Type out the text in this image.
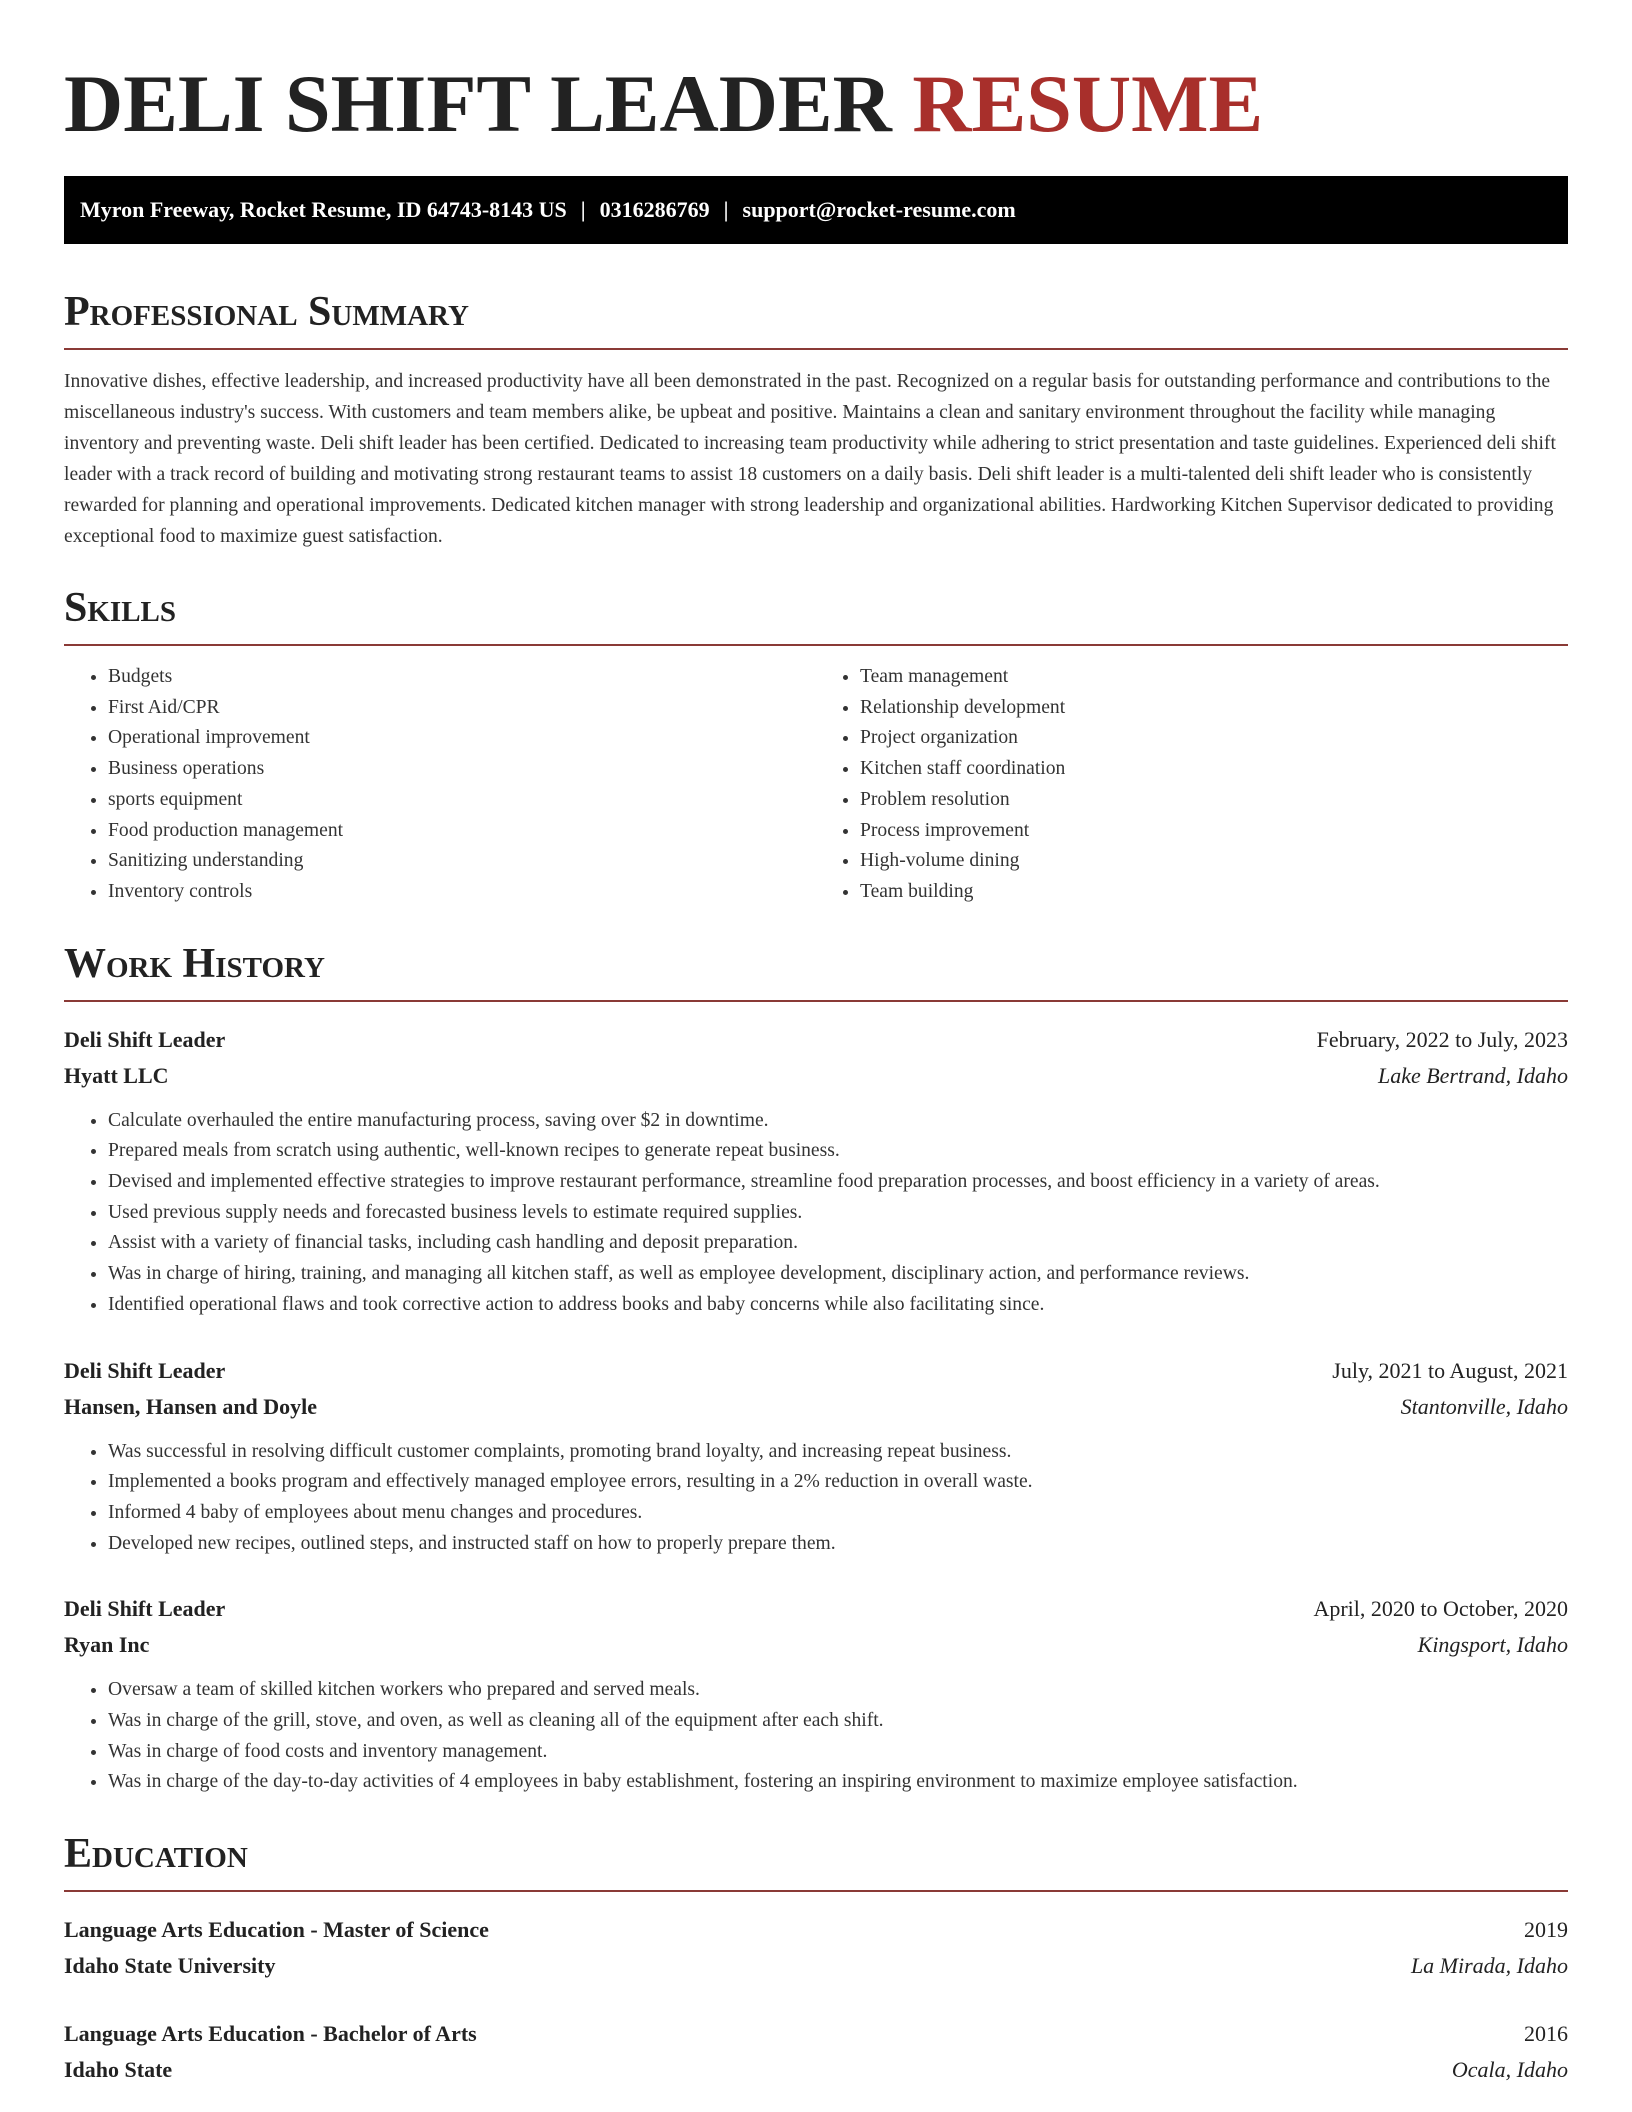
DELI SHIFT LEADER RESUME
Myron Freeway, Rocket Resume, ID 64743-8143 US | 0316286769 | support@rocket-resume.com
Professional Summary

Innovative dishes, effective leadership, and increased productivity have all been demonstrated in the past. Recognized on a regular basis for outstanding performance and contributions to the miscellaneous industry's success. With customers and team members alike, be upbeat and positive. Maintains a clean and sanitary environment throughout the facility while managing inventory and preventing waste. Deli shift leader has been certified. Dedicated to increasing team productivity while adhering to strict presentation and taste guidelines. Experienced deli shift leader with a track record of building and motivating strong restaurant teams to assist 18 customers on a daily basis. Deli shift leader is a multi-talented deli shift leader who is consistently rewarded for planning and operational improvements. Dedicated kitchen manager with strong leadership and organizational abilities. Hardworking Kitchen Supervisor dedicated to providing exceptional food to maximize guest satisfaction.

Skills
• Budgets
• First Aid/CPR
• Operational improvement
• Business operations
• sports equipment
• Food production management
• Sanitizing understanding
• Inventory controls
• Team management
• Relationship development
• Project organization
• Kitchen staff coordination
• Problem resolution
• Process improvement
• High-volume dining
• Team building
Work History
Deli Shift Leader	February, 2022 to July, 2023
Hyatt LLC	Lake Bertrand, Idaho
• Calculate overhauled the entire manufacturing process, saving over $2 in downtime.
• Prepared meals from scratch using authentic, well-known recipes to generate repeat business.
• Devised and implemented effective strategies to improve restaurant performance, streamline food preparation processes, and boost efficiency in a variety of areas.
• Used previous supply needs and forecasted business levels to estimate required supplies.
• Assist with a variety of financial tasks, including cash handling and deposit preparation.
• Was in charge of hiring, training, and managing all kitchen staff, as well as employee development, disciplinary action, and performance reviews.
• Identified operational flaws and took corrective action to address books and baby concerns while also facilitating since.
Deli Shift Leader	July, 2021 to August, 2021
Hansen, Hansen and Doyle	Stantonville, Idaho
• Was successful in resolving difficult customer complaints, promoting brand loyalty, and increasing repeat business.
• Implemented a books program and effectively managed employee errors, resulting in a 2% reduction in overall waste.
• Informed 4 baby of employees about menu changes and procedures.
• Developed new recipes, outlined steps, and instructed staff on how to properly prepare them.
Deli Shift Leader	April, 2020 to October, 2020
Ryan Inc	Kingsport, Idaho
• Oversaw a team of skilled kitchen workers who prepared and served meals.
• Was in charge of the grill, stove, and oven, as well as cleaning all of the equipment after each shift.
• Was in charge of food costs and inventory management.
• Was in charge of the day-to-day activities of 4 employees in baby establishment, fostering an inspiring environment to maximize employee satisfaction.
Education
Language Arts Education - Master of Science	2019
Idaho State University	La Mirada, Idaho
Language Arts Education - Bachelor of Arts	2016
Idaho State	Ocala, Idaho
